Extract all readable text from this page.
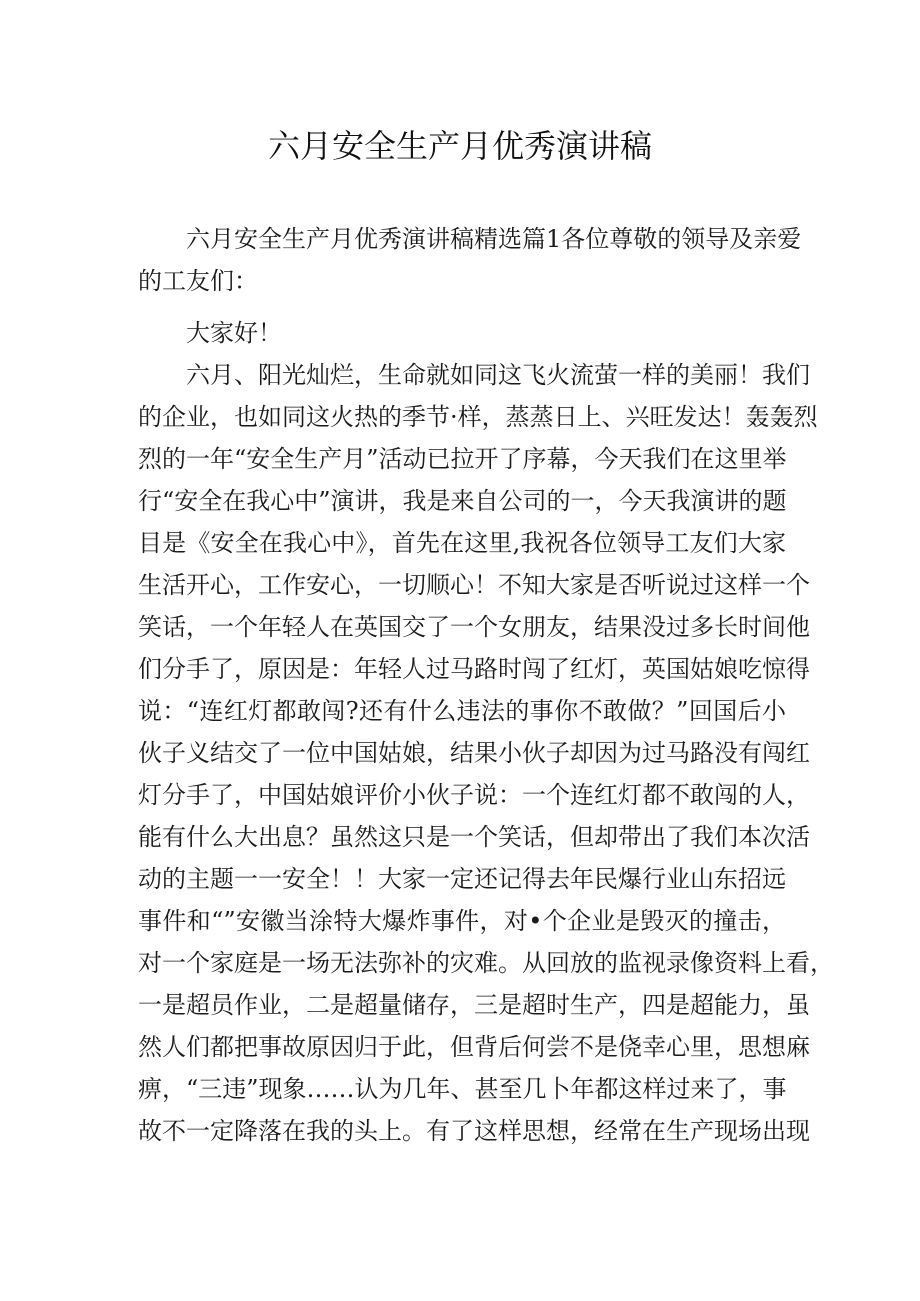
六月安全生产月优秀演讲稿
六月安全生产月优秀演讲稿精选篇1各位尊敬的领导及亲爱
的工友们：
大家好！
六月、阳光灿烂，生命就如同这飞火流萤一样的美丽！我们
的企业，也如同这火热的季节·样，蒸蒸日上、兴旺发达！轰轰烈
烈的一年“安全生产月”活动已拉开了序幕，今天我们在这里举
行“安全在我心中”演讲，我是来自公司的一，今天我演讲的题
目是《安全在我心中》，首先在这里,我祝各位领导工友们大家
生活开心，工作安心，一切顺心！不知大家是否听说过这样一个
笑话，一个年轻人在英国交了一个女朋友，结果没过多长时间他
们分手了，原因是：年轻人过马路时闯了红灯，英国姑娘吃惊得
说：“连红灯都敢闯?还有什么违法的事你不敢做？”回国后小
伙子义结交了一位中国姑娘，结果小伙子却因为过马路没有闯红
灯分手了，中国姑娘评价小伙子说：一个连红灯都不敢闯的人，
能有什么大出息？虽然这只是一个笑话，但却带出了我们本次活
动的主题一一安全！！大家一定还记得去年民爆行业山东招远
事件和“”安徽当涂特大爆炸事件，对•个企业是毁灭的撞击，
对一个家庭是一场无法弥补的灾难。从回放的监视录像资料上看，
一是超员作业，二是超量储存，三是超时生产，四是超能力，虽
然人们都把事故原因归于此，但背后何尝不是侥幸心里，思想麻
痹，“三违”现象……认为几年、甚至几卜年都这样过来了，事
故不一定降落在我的头上。有了这样思想，经常在生产现场出现
